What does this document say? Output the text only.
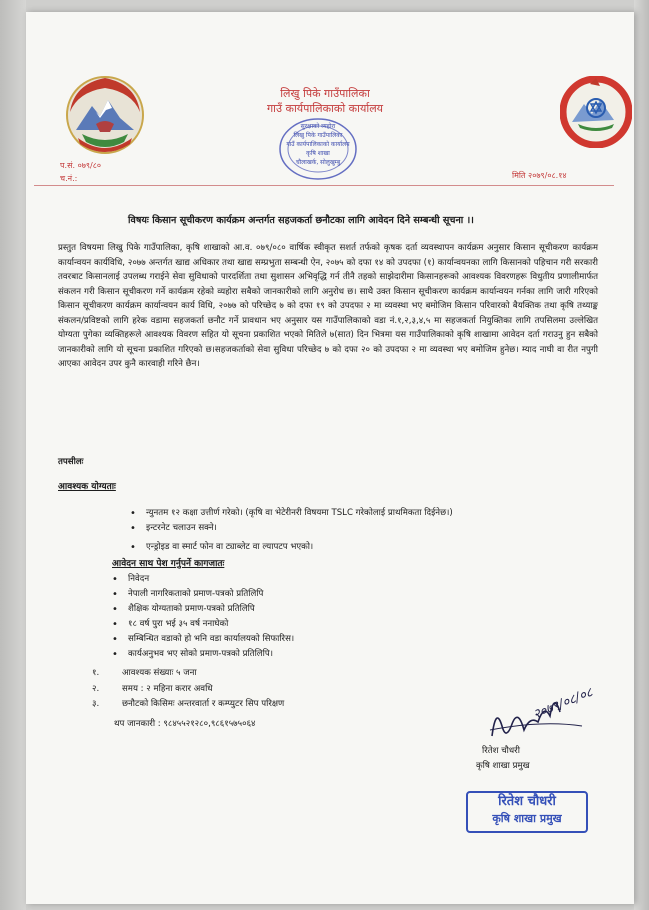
लिखु पिके गाउँपालिका
गाउँ कार्यपालिकाको कार्यालय
सुरक्षाको व्यहोरा
लिखु पिके गाउँपालिका
गाउँ कार्यपालिकाको कार्यालय
कृषि शाखा
चौलाखर्क, सोलुखुम्बु
प.सं. ०७९/८०
च.नं.:	मिति २०७९/०८.१४
विषयः किसान सूचीकरण कार्यक्रम अन्तर्गत सहजकर्ता छनौटका लागि आवेदन दिने सम्बन्धी सूचना ।।
प्रस्तुत विषयमा लिखु पिके गाउँपालिका, कृषि शाखाको आ.व. ०७९/०८० वार्षिक स्वीकृत सशर्त तर्फको कृषक दर्ता व्यवस्थापन कार्यक्रम अनुसार किसान सूचीकरण कार्यक्रम कार्यान्वयन कार्यविधि, २०७७ अन्तर्गत खाद्य अधिकार तथा खाद्य सम्प्रभुता सम्बन्धी ऐन, २०७५ को दफा १४ को उपदफा (१) कार्यान्वयनका लागि किसानको पहिचान गरी सरकारी तवरबाट किसानलाई उपलब्ध गराईने सेवा सुविधाको पारदर्शिता तथा सुशासन अभिवृद्धि गर्न तीनै तहको साझेदारीमा किसानहरूको आवश्यक विवरणहरू विधुतीय प्रणालीमार्फत संकलन गरी किसान सूचीकरण गर्ने कार्यक्रम रहेको व्यहोरा सबैको जानकारीको लागि अनुरोध छ। साथै उक्त किसान सूचीकरण कार्यक्रम कार्यान्वयन गर्नका लागि जारी गरिएको किसान सूचीकरण कार्यक्रम कार्यान्वयन कार्य विधि, २०७७ को परिच्छेद ७ को दफा १९ को उपदफा २ मा व्यवस्था भए बमोजिम किसान परिवारको बैयक्तिक तथा कृषि तथ्याङ्क संकलन/प्रविष्टको लागि हरेक वडामा सहजकर्ता छनौट गर्ने प्रावधान भए अनुसार यस गाउँपालिकाको वडा नं.१,२,३,४,५ मा सहजकर्ता नियुक्तिका लागि तपसिलमा उल्लेखित योग्यता पुगेका व्यक्तिहरूले आवश्यक विवरण सहित यो सूचना प्रकाशित भएको मितिले ७(सात) दिन भित्रमा यस गाउँपालिकाको कृषि शाखामा आवेदन दर्ता गराउनु हुन सबैको जानकारीको लागि यो सूचना प्रकाशित गरिएको छ।सहजकर्ताको सेवा सुविधा परिच्छेद ७ को दफा २० को उपदफा २ मा व्यवस्था भए बमोजिम हुनेछ। म्याद नाघी वा रीत नपुगी आएका आवेदन उपर कुनै कारवाही गरिने छैन।
तपसीलः
आवश्यक योग्यताः
• न्युनतम १२ कक्षा उत्तीर्ण गरेको। (कृषि वा भेटेरीनरी विषयमा TSLC गरेकोलाई प्राथमिकता दिईनेछ।)
• इन्टरनेट चलाउन सक्ने।
• एन्ड्रोइड वा स्मार्ट फोन वा ट्याब्लेट वा ल्यापटप भएको।
आवेदन साथ पेश गर्नुपर्ने कागजातः
• निवेदन
• नेपाली नागरिकताको प्रमाण-पत्रको प्रतिलिपि
• शैक्षिक योग्यताको प्रमाण-पत्रको प्रतिलिपि
• १८ वर्ष पुरा भई ३५ वर्ष ननाघेको
• सम्बिन्धित वडाको हो भनि वडा कार्यालयको सिफारिस।
• कार्यअनुभव भए सोको प्रमाण-पत्रको प्रतिलिपि।
१.	आवश्यक संख्याः ५ जना
२.	समय : २ महिना करार अवधि
३.	छनौटको किसिमः अन्तरवार्ता र कम्प्युटर सिप परिक्षण
थप जानकारी : ९८४५५२१२८०,९८६१५७५०६४
२०७९/०८/०८
रितेश चौधरी
कृषि शाखा प्रमुख
रितेश चौधरी
कृषि शाखा प्रमुख
